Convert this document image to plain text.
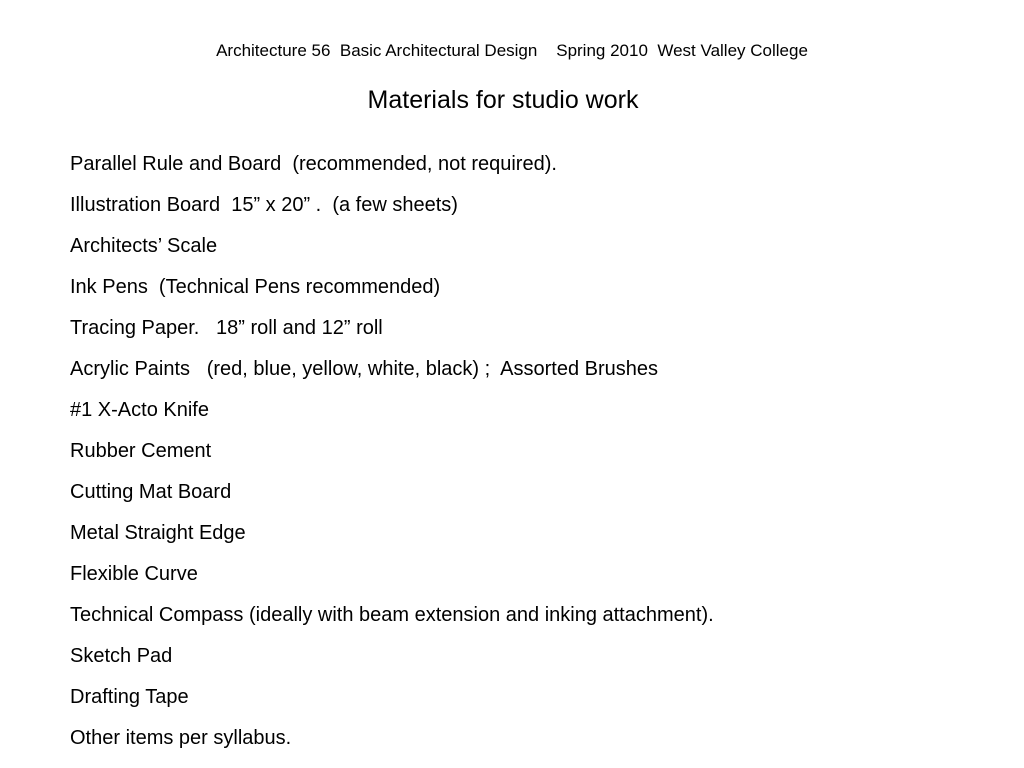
Architecture 56  Basic Architectural Design    Spring 2010  West Valley College
Materials for studio work
Parallel Rule and Board  (recommended, not required).
Illustration Board  15” x 20” .  (a few sheets)
Architects’ Scale
Ink Pens  (Technical Pens recommended)
Tracing Paper.   18” roll and 12” roll
Acrylic Paints   (red, blue, yellow, white, black) ;  Assorted Brushes
#1 X-Acto Knife
Rubber Cement
Cutting Mat Board
Metal Straight Edge
Flexible Curve
Technical Compass (ideally with beam extension and inking attachment).
Sketch Pad
Drafting Tape
Other items per syllabus.
